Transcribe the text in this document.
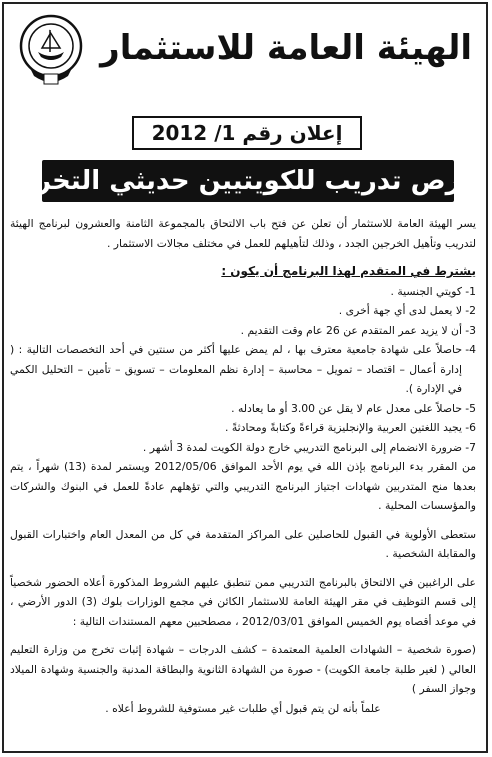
الهيئة العامة للاستثمار
إعلان رقم 1/ 2012
فرص تدريب للكويتيين حديثي التخرج

يسر الهيئة العامة للاستثمار أن تعلن عن فتح باب الالتحاق بالمجموعة الثامنة والعشرون لبرنامج الهيئة لتدريب وتأهيل الخرجين الجدد ، وذلك لتأهيلهم للعمل في مختلف مجالات الاستثمار .

يشترط في المتقدم لهذا البرنامج أن يكون :

1-
كويتي الجنسية .
2-
لا يعمل لدى أي جهة أخرى .
3-
أن لا يزيد عمر المتقدم عن 26 عام وقت التقديم .
4-
حاصلاً على شهادة جامعية معترف بها ، لم يمض عليها أكثر من سنتين في أحد التخصصات التالية : ( إدارة أعمال – اقتصاد – تمويل – محاسبة – إدارة نظم المعلومات – تسويق – تأمين – التحليل الكمي في الإدارة ).
5-
حاصلاً على معدل عام لا يقل عن 3.00 أو ما يعادله .
6-
يجيد اللغتين العربية والإنجليزية قراءةً وكتابةً ومحادثةً .
7-
ضرورة الانضمام إلى البرنامج التدريبي خارج دولة الكويت لمدة 3 أشهر .

من المقرر بدء البرنامج بإذن الله في يوم الأحد الموافق 2012/05/06 ويستمر لمدة (13) شهراً ، يتم بعدها منح المتدربين شهادات اجتياز البرنامج التدريبي والتي تؤهلهم عادةً للعمل في البنوك والشركات والمؤسسات المحلية .

ستعطى الأولوية في القبول للحاصلين على المراكز المتقدمة في كل من المعدل العام واختبارات القبول والمقابلة الشخصية .

على الراغبين في الالتحاق بالبرنامج التدريبي ممن تنطبق عليهم الشروط المذكورة أعلاه الحضور شخصياً إلى قسم التوظيف في مقر الهيئة العامة للاستثمار الكائن في مجمع الوزارات بلوك (3) الدور الأرضي ، في موعد أقصاه يوم الخميس الموافق 2012/03/01 ، مصطحبين معهم المستندات التالية :

(صورة شخصية – الشهادات العلمية المعتمدة – كشف الدرجات – شهادة إثبات تخرج من وزارة التعليم العالي ( لغير طلبة جامعة الكويت) - صورة من الشهادة الثانوية والبطاقة المدنية والجنسية وشهادة الميلاد وجواز السفر )

علماً بأنه لن يتم قبول أي طلبات غير مستوفية للشروط أعلاه .
